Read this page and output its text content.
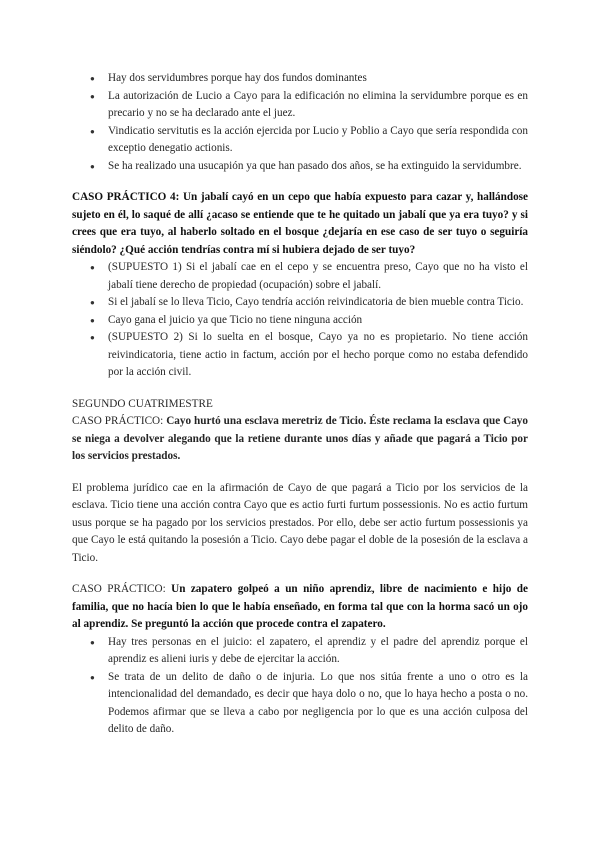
● Hay dos servidumbres porque hay dos fundos dominantes
● La autorización de Lucio a Cayo para la edificación no elimina la servidumbre porque es en precario y no se ha declarado ante el juez.
● Vindicatio servitutis es la acción ejercida por Lucio y Poblio a Cayo que sería respondida con exceptio denegatio actionis.
● Se ha realizado una usucapión ya que han pasado dos años, se ha extinguido la servidumbre.

CASO PRÁCTICO 4: Un jabalí cayó en un cepo que había expuesto para cazar y, hallándose sujeto en él, lo saqué de allí ¿acaso se entiende que te he quitado un jabalí que ya era tuyo? y si crees que era tuyo, al haberlo soltado en el bosque ¿dejaría en ese caso de ser tuyo o seguiría siéndolo? ¿Qué acción tendrías contra mí si hubiera dejado de ser tuyo?

● (SUPUESTO 1) Si el jabalí cae en el cepo y se encuentra preso, Cayo que no ha visto el jabalí tiene derecho de propiedad (ocupación) sobre el jabalí.
● Si el jabalí se lo lleva Ticio, Cayo tendría acción reivindicatoria de bien mueble contra Ticio.
● Cayo gana el juicio ya que Ticio no tiene ninguna acción
● (SUPUESTO 2) Si lo suelta en el bosque, Cayo ya no es propietario. No tiene acción reivindicatoria, tiene actio in factum, acción por el hecho porque como no estaba defendido por la acción civil.

SEGUNDO CUATRIMESTRE

CASO PRÁCTICO: Cayo hurtó una esclava meretriz de Ticio. Éste reclama la esclava que Cayo se niega a devolver alegando que la retiene durante unos días y añade que pagará a Ticio por los servicios prestados.

El problema jurídico cae en la afirmación de Cayo de que pagará a Ticio por los servicios de la esclava. Ticio tiene una acción contra Cayo que es actio furti furtum possessionis. No es actio furtum usus porque se ha pagado por los servicios prestados. Por ello, debe ser actio furtum possessionis ya que Cayo le está quitando la posesión a Ticio. Cayo debe pagar el doble de la posesión de la esclava a Ticio.

CASO PRÁCTICO: Un zapatero golpeó a un niño aprendiz, libre de nacimiento e hijo de familia, que no hacía bien lo que le había enseñado, en forma tal que con la horma sacó un ojo al aprendiz. Se preguntó la acción que procede contra el zapatero.

● Hay tres personas en el juicio: el zapatero, el aprendiz y el padre del aprendiz porque el aprendiz es alieni iuris y debe de ejercitar la acción.
● Se trata de un delito de daño o de injuria. Lo que nos sitúa frente a uno o otro es la intencionalidad del demandado, es decir que haya dolo o no, que lo haya hecho a posta o no. Podemos afirmar que se lleva a cabo por negligencia por lo que es una acción culposa del delito de daño.
